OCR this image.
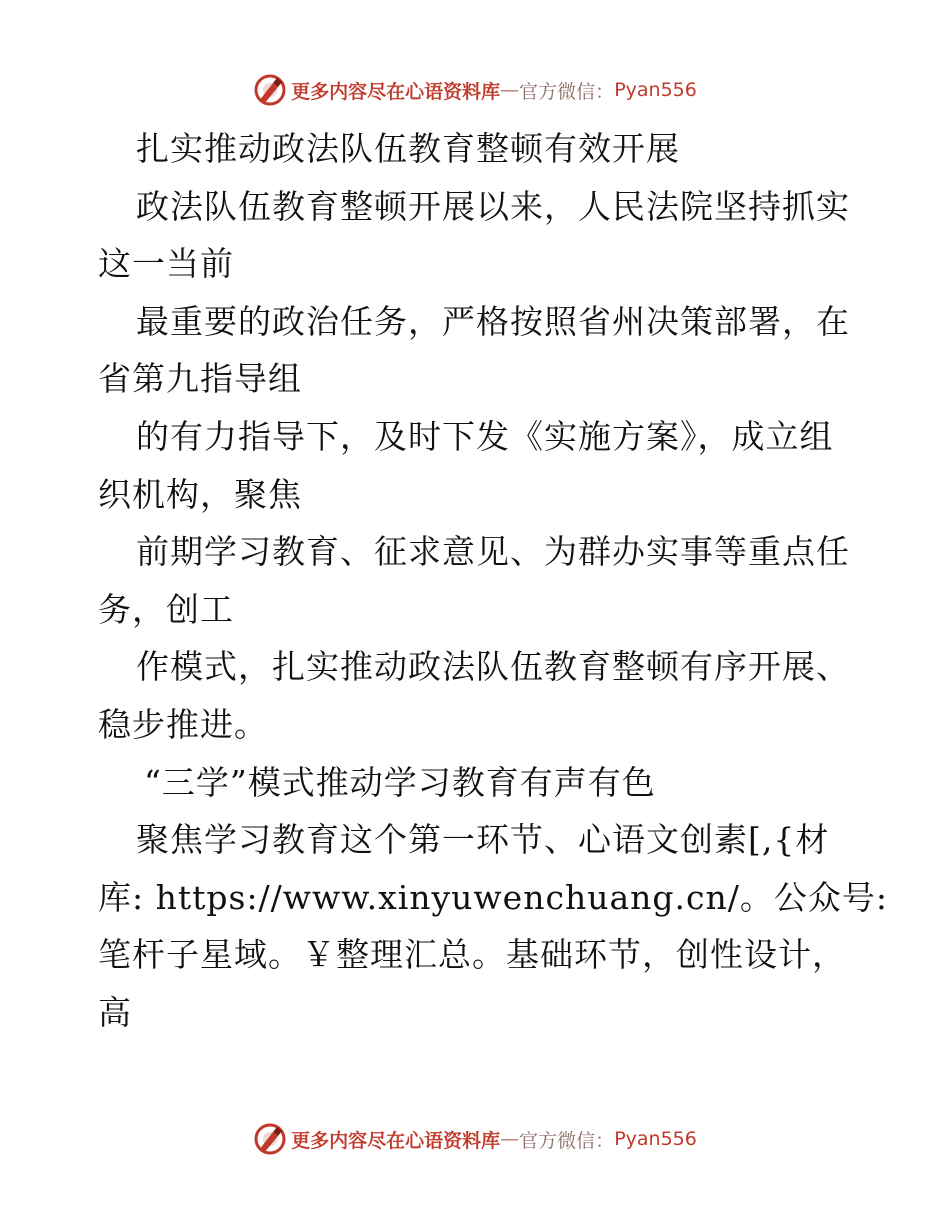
更多内容尽在心语资料库 — 官方微信： Pyan556
扎实推动政法队伍教育整顿有效开展
政法队伍教育整顿开展以来，人民法院坚持抓实
这一当前
最重要的政治任务，严格按照省州决策部署，在
省第九指导组
的有力指导下，及时下发《实施方案》，成立组
织机构，聚焦
前期学习教育、征求意见、为群办实事等重点任
务，创工
作模式，扎实推动政法队伍教育整顿有序开展、
稳步推进。
“三学”模式推动学习教育有声有色
聚焦学习教育这个第一环节、心语文创素[,{材
库: https://www.xinyuwenchuang.cn/。公众号:
笔杆子星域。￥整理汇总。基础环节，创性设计，
高
更多内容尽在心语资料库 — 官方微信： Pyan556
